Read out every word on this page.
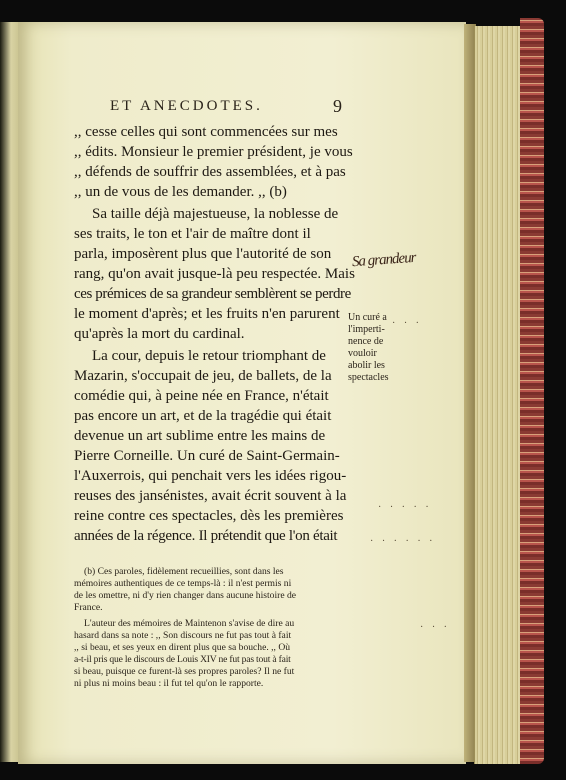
ET ANECDOTES.	9
,, cesse celles qui sont commencées sur mes
,, édits. Monsieur le premier président, je vous
,, défends de souffrir des assemblées, et à pas
,, un de vous de les demander. ,, (b)
Sa taille déjà majestueuse, la noblesse de
ses traits, le ton et l'air de maître dont il
parla, imposèrent plus que l'autorité de son
rang, qu'on avait jusque-là peu respectée. Mais
ces prémices de sa grandeur semblèrent se perdre
le moment d'après; et les fruits n'en parurent
qu'après la mort du cardinal.
La cour, depuis le retour triomphant de
Mazarin, s'occupait de jeu, de ballets, de la
comédie qui, à peine née en France, n'était
pas encore un art, et de la tragédie qui était
devenue un art sublime entre les mains de
Pierre Corneille. Un curé de Saint-Germain-
l'Auxerrois, qui penchait vers les idées rigou-
reuses des jansénistes, avait écrit souvent à la
reine contre ces spectacles, dès les premières
années de la régence. Il prétendit que l'on était
Un curé a
l'imperti-
nence de
vouloir
abolir les
spectacles
Sa grandeur
· · ·
· · · · ·
· · · · · ·
· · ·
(b) Ces paroles, fidèlement recueillies, sont dans les
mémoires authentiques de ce temps-là : il n'est permis ni
de les omettre, ni d'y rien changer dans aucune histoire de
France.
L'auteur des mémoires de Maintenon s'avise de dire au
hasard dans sa note : ,, Son discours ne fut pas tout à fait
,, si beau, et ses yeux en dirent plus que sa bouche. ,, Où
a-t-il pris que le discours de Louis XIV ne fut pas tout à fait
si beau, puisque ce furent-là ses propres paroles? Il ne fut
ni plus ni moins beau : il fut tel qu'on le rapporte.
